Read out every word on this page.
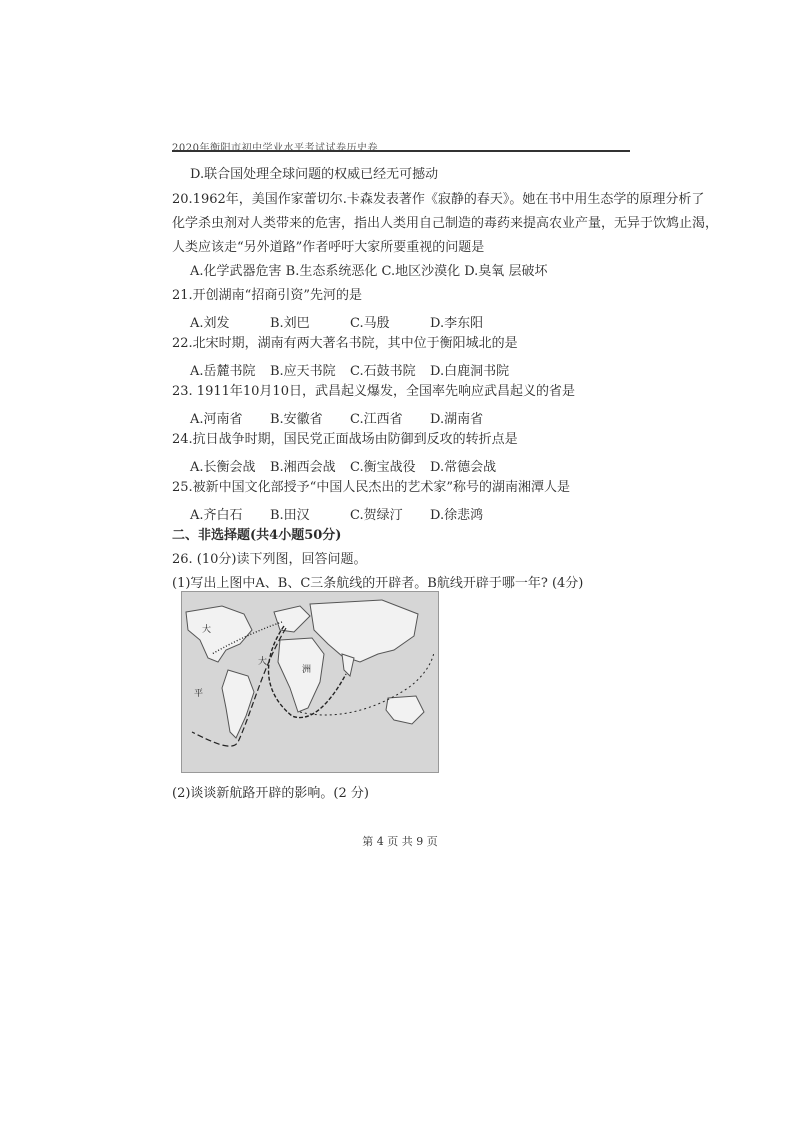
2020年衡阳市初中学业水平考试试卷历史卷
D.联合国处理全球问题的权威已经无可撼动
20.1962年，美国作家蕾切尔.卡森发表著作《寂静的春天》。她在书中用生态学的原理分析了
化学杀虫剂对人类带来的危害，指出人类用自己制造的毒药来提高农业产量，无异于饮鸩止渴，
人类应该走“另外道路”作者呼吁大家所要重视的问题是
A.化学武器危害 B.生态系统恶化 C.地区沙漠化 D.臭氧 层破坏
21.开创湖南“招商引资”先河的是
A.刘发	B.刘巴	C.马殷	D.李东阳
22.北宋时期，湖南有两大著名书院，其中位于衡阳城北的是
A.岳麓书院 B.应天书院 C.石鼓书院 D.白鹿洞书院
23. 1911年10月10日，武昌起义爆发，全国率先响应武昌起义的省是
A.河南省 B.安徽省 C.江西省 D.湖南省
24.抗日战争时期，国民党正面战场由防御到反攻的转折点是
A.长衡会战 B.湘西会战 C.衡宝战役 D.常德会战
25.被新中国文化部授予“中国人民杰出的艺术家”称号的湖南湘潭人是
A.齐白石 B.田汉	C.贺绿汀 D.徐悲鸿
二、非选择题(共4小题50分)
26. (10分)读下列图，回答问题。
(1)写出上图中A、B、C三条航线的开辟者。B航线开辟于哪一年? (4分)
大
大
平
洲
(2)谈谈新航路开辟的影响。(2 分)
第 4 页 共 9 页
